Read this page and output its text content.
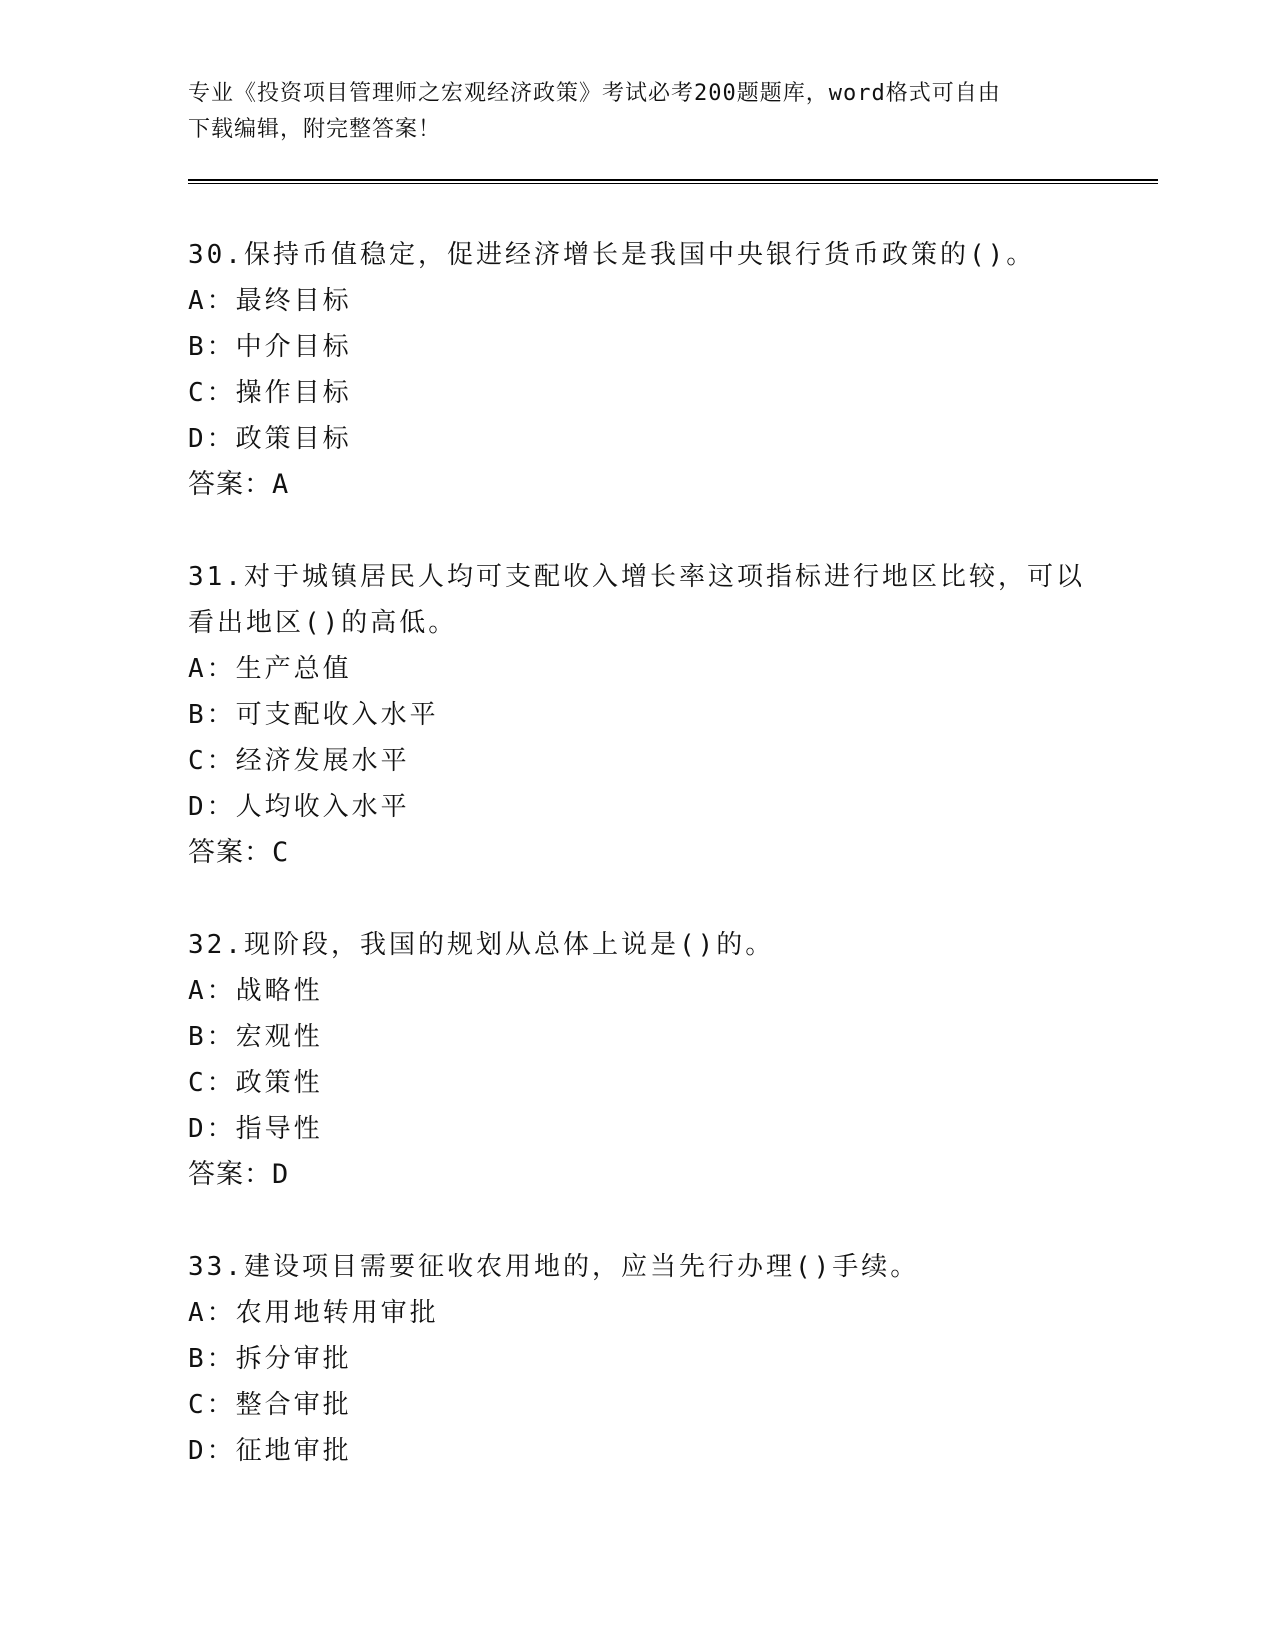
专业《投资项目管理师之宏观经济政策》考试必考200题题库，word格式可自由
下载编辑，附完整答案！
30.保持币值稳定，促进经济增长是我国中央银行货币政策的()。
A：最终目标
B：中介目标
C：操作目标
D：政策目标
答案：A
31.对于城镇居民人均可支配收入增长率这项指标进行地区比较，可以
看出地区()的高低。
A：生产总值
B：可支配收入水平
C：经济发展水平
D：人均收入水平
答案：C
32.现阶段，我国的规划从总体上说是()的。
A：战略性
B：宏观性
C：政策性
D：指导性
答案：D
33.建设项目需要征收农用地的，应当先行办理()手续。
A：农用地转用审批
B：拆分审批
C：整合审批
D：征地审批
